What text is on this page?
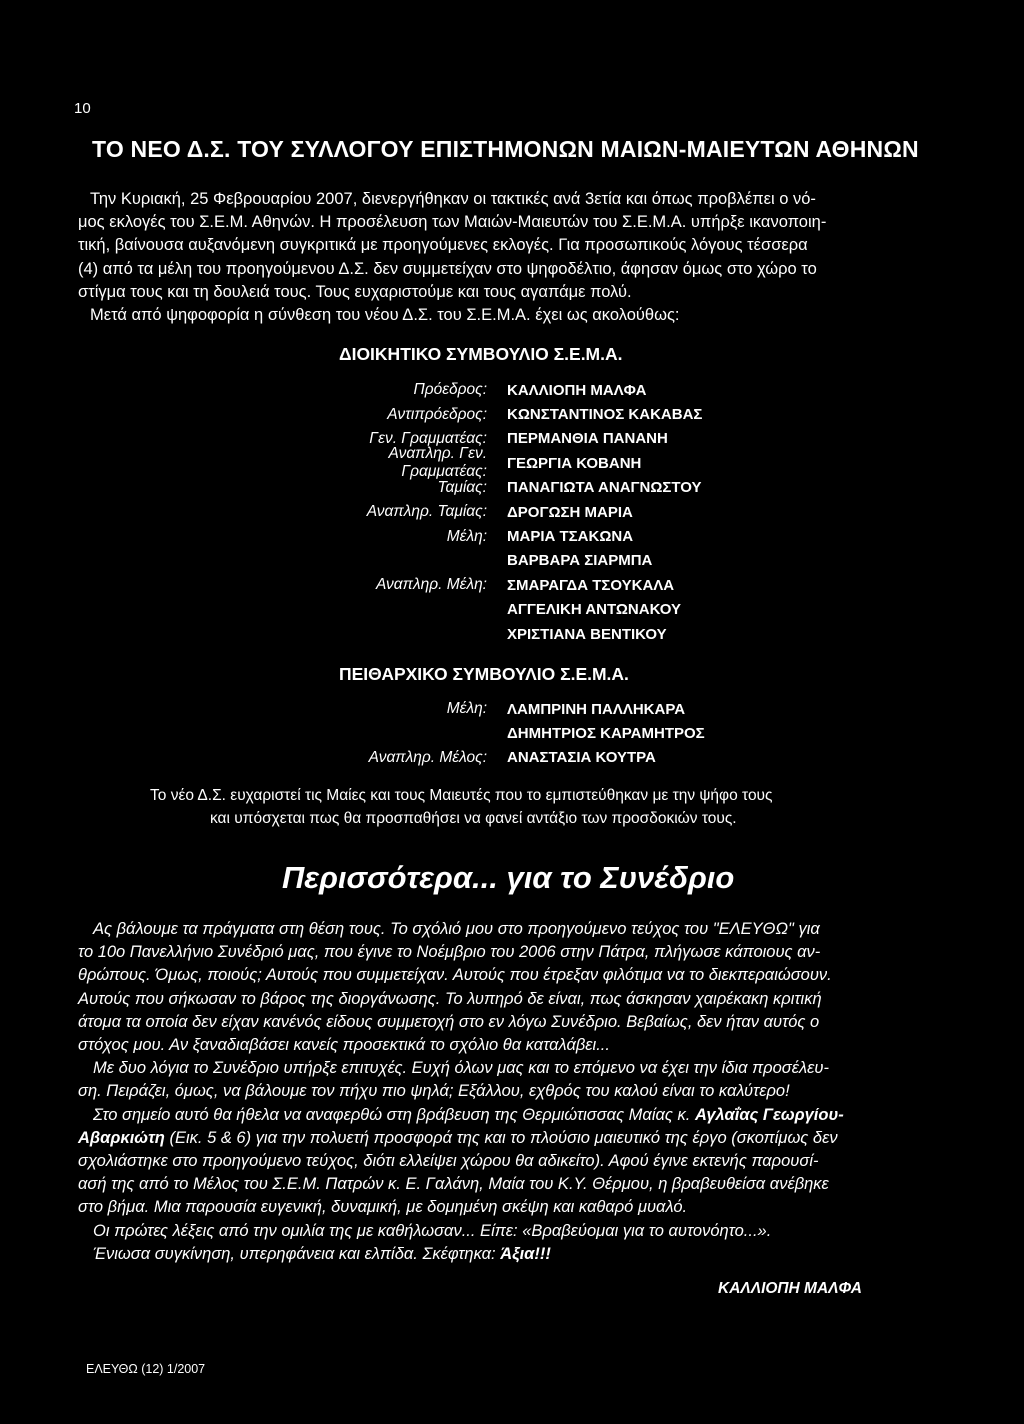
10
ΤΟ ΝΕΟ Δ.Σ. ΤΟΥ ΣΥΛΛΟΓΟΥ ΕΠΙΣΤΗΜΟΝΩΝ ΜΑΙΩΝ-ΜΑΙΕΥΤΩΝ ΑΘΗΝΩΝ
Την Κυριακή, 25 Φεβρουαρίου 2007, διενεργήθηκαν οι τακτικές ανά 3ετία και όπως προβλέπει ο νό-
μος εκλογές του Σ.Ε.Μ. Αθηνών. Η προσέλευση των Μαιών-Μαιευτών του Σ.Ε.Μ.Α. υπήρξε ικανοποιη-
τική, βαίνουσα αυξανόμενη συγκριτικά με προηγούμενες εκλογές. Για προσωπικούς λόγους τέσσερα
(4) από τα μέλη του προηγούμενου Δ.Σ. δεν συμμετείχαν στο ψηφοδέλτιο, άφησαν όμως στο χώρο το
στίγμα τους και τη δουλειά τους. Τους ευχαριστούμε και τους αγαπάμε πολύ.
Μετά από ψηφοφορία η σύνθεση του νέου Δ.Σ. του Σ.Ε.Μ.Α. έχει ως ακολούθως:
ΔΙΟΙΚΗΤΙΚΟ ΣΥΜΒΟΥΛΙΟ Σ.Ε.Μ.Α.
Πρόεδρος: ΚΑΛΛΙΟΠΗ ΜΑΛΦΑ
Αντιπρόεδρος: ΚΩΝΣΤΑΝΤΙΝΟΣ ΚΑΚΑΒΑΣ
Γεν. Γραμματέας: ΠΕΡΜΑΝΘΙΑ ΠΑΝΑΝΗ
Αναπληρ. Γεν. Γραμματέας:
ΓΕΩΡΓΙΑ ΚΟΒΑΝΗ
Ταμίας: ΠΑΝΑΓΙΩΤΑ ΑΝΑΓΝΩΣΤΟΥ
Αναπληρ. Ταμίας: ΔΡΟΓΩΣΗ ΜΑΡΙΑ
Μέλη: ΜΑΡΙΑ ΤΣΑΚΩΝΑ
ΒΑΡΒΑΡΑ ΣΙΑΡΜΠΑ
Αναπληρ. Μέλη: ΣΜΑΡΑΓΔΑ ΤΣΟΥΚΑΛΑ
ΑΓΓΕΛΙΚΗ ΑΝΤΩΝΑΚΟΥ
ΧΡΙΣΤΙΑΝΑ ΒΕΝΤΙΚΟΥ
ΠΕΙΘΑΡΧΙΚΟ ΣΥΜΒΟΥΛΙΟ Σ.Ε.Μ.Α.
Μέλη: ΛΑΜΠΡΙΝΗ ΠΑΛΛΗΚΑΡΑ
ΔΗΜΗΤΡΙΟΣ ΚΑΡΑΜΗΤΡΟΣ
Αναπληρ. Μέλος: ΑΝΑΣΤΑΣΙΑ ΚΟΥΤΡΑ
Το νέο Δ.Σ. ευχαριστεί τις Μαίες και τους Μαιευτές που το εμπιστεύθηκαν με την ψήφο τους
και υπόσχεται πως θα προσπαθήσει να φανεί αντάξιο των προσδοκιών τους.
Περισσότερα... για το Συνέδριο
Ας βάλουμε τα πράγματα στη θέση τους. Το σχόλιό μου στο προηγούμενο τεύχος του "ΕΛΕΥΘΩ" για
το 10ο Πανελλήνιο Συνέδριό μας, που έγινε το Νοέμβριο του 2006 στην Πάτρα, πλήγωσε κάποιους αν-
θρώπους. Όμως, ποιούς; Αυτούς που συμμετείχαν. Αυτούς που έτρεξαν φιλότιμα να το διεκπεραιώσουν.
Αυτούς που σήκωσαν το βάρος της διοργάνωσης. Το λυπηρό δε είναι, πως άσκησαν χαιρέκακη κριτική
άτομα τα οποία δεν είχαν κανένός είδους συμμετοχή στο εν λόγω Συνέδριο. Βεβαίως, δεν ήταν αυτός ο
στόχος μου. Αν ξαναδιαβάσει κανείς προσεκτικά το σχόλιο θα καταλάβει...
Με δυο λόγια το Συνέδριο υπήρξε επιτυχές. Ευχή όλων μας και το επόμενο να έχει την ίδια προσέλευ-
ση. Πειράζει, όμως, να βάλουμε τον πήχυ πιο ψηλά; Εξάλλου, εχθρός του καλού είναι το καλύτερο!
Στο σημείο αυτό θα ήθελα να αναφερθώ στη βράβευση της Θερμιώτισσας Μαίας κ. Αγλαΐας Γεωργίου-
Αβαρκιώτη (Εικ. 5 & 6) για την πολυετή προσφορά της και το πλούσιο μαιευτικό της έργο (σκοπίμως δεν
σχολιάστηκε στο προηγούμενο τεύχος, διότι ελλείψει χώρου θα αδικείτο). Αφού έγινε εκτενής παρουσί-
ασή της από το Μέλος του Σ.Ε.Μ. Πατρών κ. Ε. Γαλάνη, Μαία του Κ.Υ. Θέρμου, η βραβευθείσα ανέβηκε
στο βήμα. Μια παρουσία ευγενική, δυναμική, με δομημένη σκέψη και καθαρό μυαλό.
Οι πρώτες λέξεις από την ομιλία της με καθήλωσαν... Είπε: «Βραβεύομαι για το αυτονόητο...».
Ένιωσα συγκίνηση, υπερηφάνεια και ελπίδα. Σκέφτηκα: Άξια!!!
ΚΑΛΛΙΟΠΗ ΜΑΛΦΑ
ΕΛΕΥΘΩ (12) 1/2007
